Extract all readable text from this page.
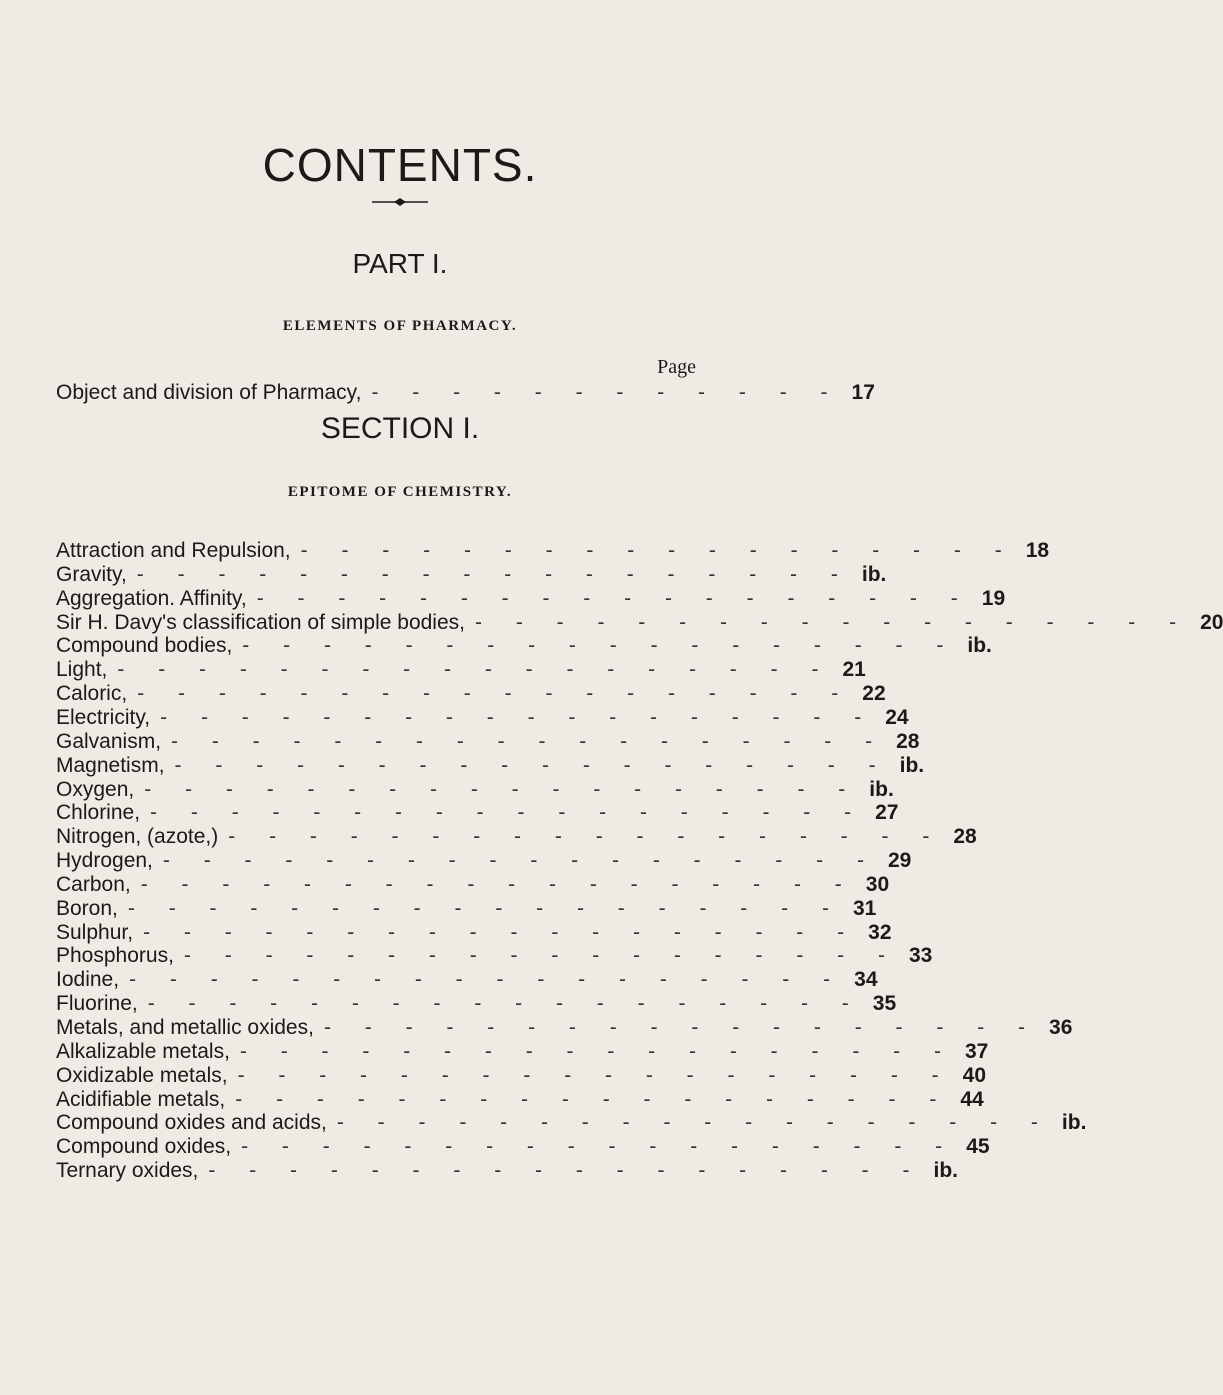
CONTENTS.
PART I.
ELEMENTS OF PHARMACY.
Page
Object and division of Pharmacy, - - - - - - - - - - - - 17
SECTION I.
EPITOME OF CHEMISTRY.
Attraction and Repulsion, - - - - - - - - - - - - - - - - - - 18
Gravity, - - - - - - - - - - - - - - - - - - ib.
Aggregation. Affinity, - - - - - - - - - - - - - - - - - - 19
Sir H. Davy's classification of simple bodies, - - - - - - - - - - - - - - - - - - 20
Compound bodies, - - - - - - - - - - - - - - - - - - ib.
Light, - - - - - - - - - - - - - - - - - - 21
Caloric, - - - - - - - - - - - - - - - - - - 22
Electricity, - - - - - - - - - - - - - - - - - - 24
Galvanism, - - - - - - - - - - - - - - - - - - 28
Magnetism, - - - - - - - - - - - - - - - - - - ib.
Oxygen, - - - - - - - - - - - - - - - - - - ib.
Chlorine, - - - - - - - - - - - - - - - - - - 27
Nitrogen, (azote,) - - - - - - - - - - - - - - - - - - 28
Hydrogen, - - - - - - - - - - - - - - - - - - 29
Carbon, - - - - - - - - - - - - - - - - - - 30
Boron, - - - - - - - - - - - - - - - - - - 31
Sulphur, - - - - - - - - - - - - - - - - - - 32
Phosphorus, - - - - - - - - - - - - - - - - - - 33
Iodine, - - - - - - - - - - - - - - - - - - 34
Fluorine, - - - - - - - - - - - - - - - - - - 35
Metals, and metallic oxides, - - - - - - - - - - - - - - - - - - 36
Alkalizable metals, - - - - - - - - - - - - - - - - - - 37
Oxidizable metals, - - - - - - - - - - - - - - - - - - 40
Acidifiable metals, - - - - - - - - - - - - - - - - - - 44
Compound oxides and acids, - - - - - - - - - - - - - - - - - - ib.
Compound oxides, - - - - - - - - - - - - - - - - - - 45
Ternary oxides, - - - - - - - - - - - - - - - - - - ib.
